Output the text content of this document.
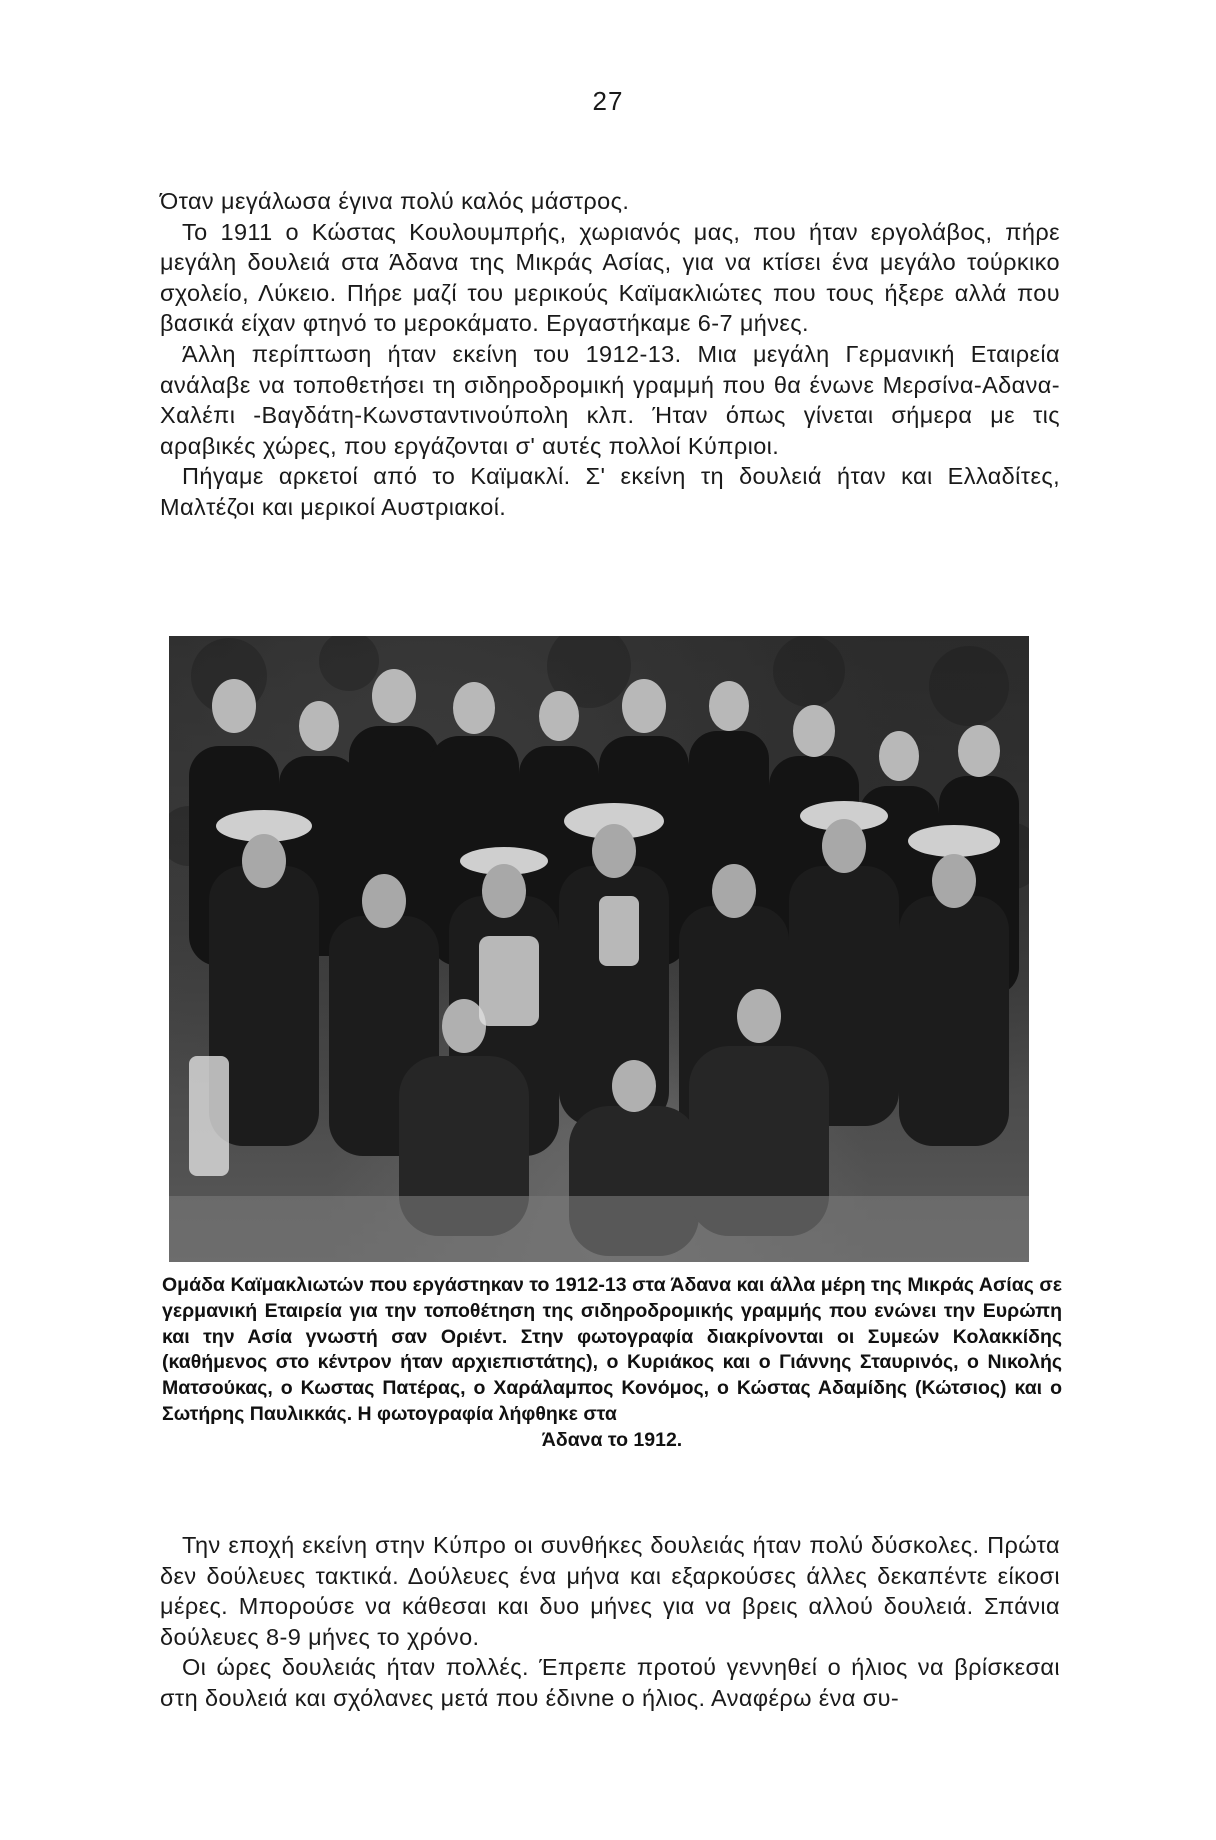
27

Όταν μεγάλωσα έγινα πολύ καλός μάστρος.

Το 1911 ο Κώστας Κουλουμπρής, χωριανός μας, που ήταν εργολάβος, πήρε μεγάλη δουλειά στα Άδανα της Μικράς Ασίας, για να κτίσει ένα μεγάλο τούρκικο σχολείο, Λύκειο. Πήρε μαζί του μερικούς Καϊμακλιώτες που τους ήξερε αλλά που βασικά είχαν φτηνό το μεροκάματο. Εργαστήκαμε 6-7 μήνες.

Άλλη περίπτωση ήταν εκείνη του 1912-13. Μια μεγάλη Γερμανική Εταιρεία ανάλαβε να τοποθετήσει τη σιδηροδρομική γραμμή που θα ένωνε Μερσίνα-Αδανα-Χαλέπι -Βαγδάτη-Κωνσταντινούπολη κλπ. Ήταν όπως γίνεται σήμερα με τις αραβικές χώρες, που εργάζονται σ' αυτές πολλοί Κύπριοι.

Πήγαμε αρκετοί από το Καϊμακλί. Σ' εκείνη τη δουλειά ήταν και Ελλαδίτες, Μαλτέζοι και μερικοί Αυστριακοί.

Ομάδα Καϊμακλιωτών που εργάστηκαν το 1912-13 στα Άδανα και άλλα μέρη της Μικράς Ασίας σε γερμανική Εταιρεία για την τοποθέτηση της σιδηροδρομικής γραμμής που ενώνει την Ευρώπη και την Ασία γνωστή σαν Οριέντ. Στην φωτογραφία διακρίνονται οι Συμεών Κολακκίδης (καθήμενος στο κέντρον ήταν αρχιεπιστάτης), ο Κυριάκος και ο Γιάννης Σταυρινός, ο Νικολής Ματσούκας, ο Κωστας Πατέρας, ο Χαράλαμπος Κονόμος, ο Κώστας Αδαμίδης (Κώτσιος) και ο Σωτήρης Παυλικκάς. Η φωτογραφία λήφθηκε στα
Άδανα το 1912.

Την εποχή εκείνη στην Κύπρο οι συνθήκες δουλειάς ήταν πολύ δύσκολες. Πρώτα δεν δούλευες τακτικά. Δούλευες ένα μήνα και εξαρκούσες άλλες δεκαπέντε είκοσι μέρες. Μπορούσε να κάθεσαι και δυο μήνες για να βρεις αλλού δουλειά. Σπάνια δούλευες 8-9 μήνες το χρόνο.

Οι ώρες δουλειάς ήταν πολλές. Έπρεπε προτού γεννηθεί ο ήλιος να βρίσκεσαι στη δουλειά και σχόλανες μετά που έδινne ο ήλιος. Αναφέρω ένα συ-
